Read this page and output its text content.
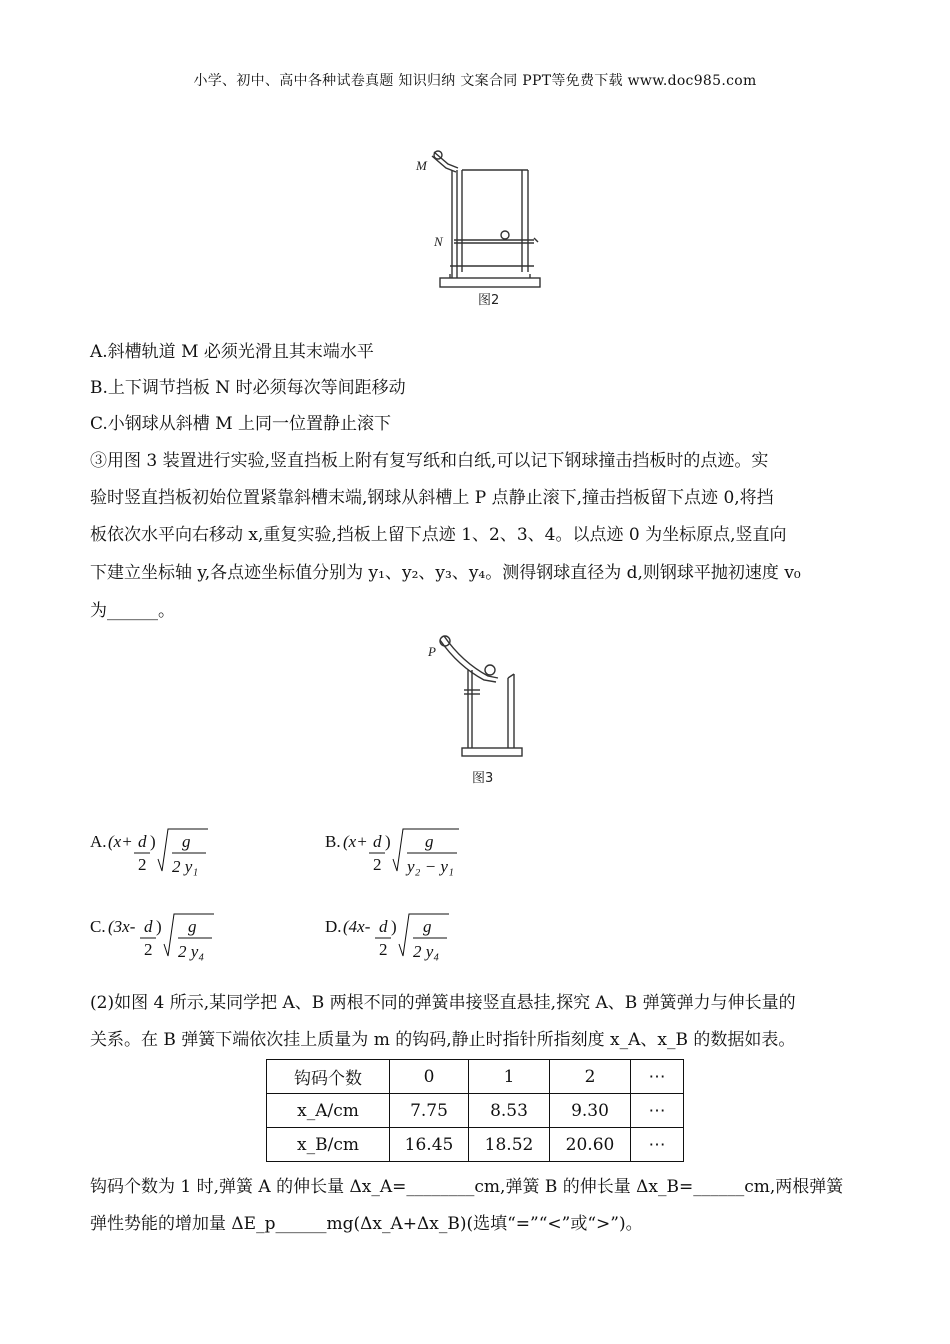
小学、初中、高中各种试卷真题 知识归纳 文案合同 PPT等免费下载 www.doc985.com
M
N
图2
A.斜槽轨道 M 必须光滑且其末端水平
B.上下调节挡板 N 时必须每次等间距移动
C.小钢球从斜槽 M 上同一位置静止滚下
③用图 3 装置进行实验,竖直挡板上附有复写纸和白纸,可以记下钢球撞击挡板时的点迹。实
验时竖直挡板初始位置紧靠斜槽末端,钢球从斜槽上 P 点静止滚下,撞击挡板留下点迹 0,将挡
板依次水平向右移动 x,重复实验,挡板上留下点迹 1、2、3、4。以点迹 0 为坐标原点,竖直向
下建立坐标轴 y,各点迹坐标值分别为 y₁、y₂、y₃、y₄。测得钢球直径为 d,则钢球平抛初速度 v₀
为______。
P
图3
A. (x+ d
2
) g
2 y₁
B. (x+ d
2
) g
y₂ − y₁
C. (3x- d
2
) g
2 y₄
D. (4x- d
2
) g
2 y₄
(2)如图 4 所示,某同学把 A、B 两根不同的弹簧串接竖直悬挂,探究 A、B 弹簧弹力与伸长量的
关系。在 B 弹簧下端依次挂上质量为 m 的钩码,静止时指针所指刻度 x_A、x_B 的数据如表。
钩码个数	0	1	2	⋯
x_A/cm	7.75	8.53	9.30	⋯
x_B/cm	16.45	18.52	20.60	⋯
钩码个数为 1 时,弹簧 A 的伸长量 Δx_A=________cm,弹簧 B 的伸长量 Δx_B=______cm,两根弹簧
弹性势能的增加量 ΔE_p______mg(Δx_A+Δx_B)(选填“=”“<”或“>”)。
